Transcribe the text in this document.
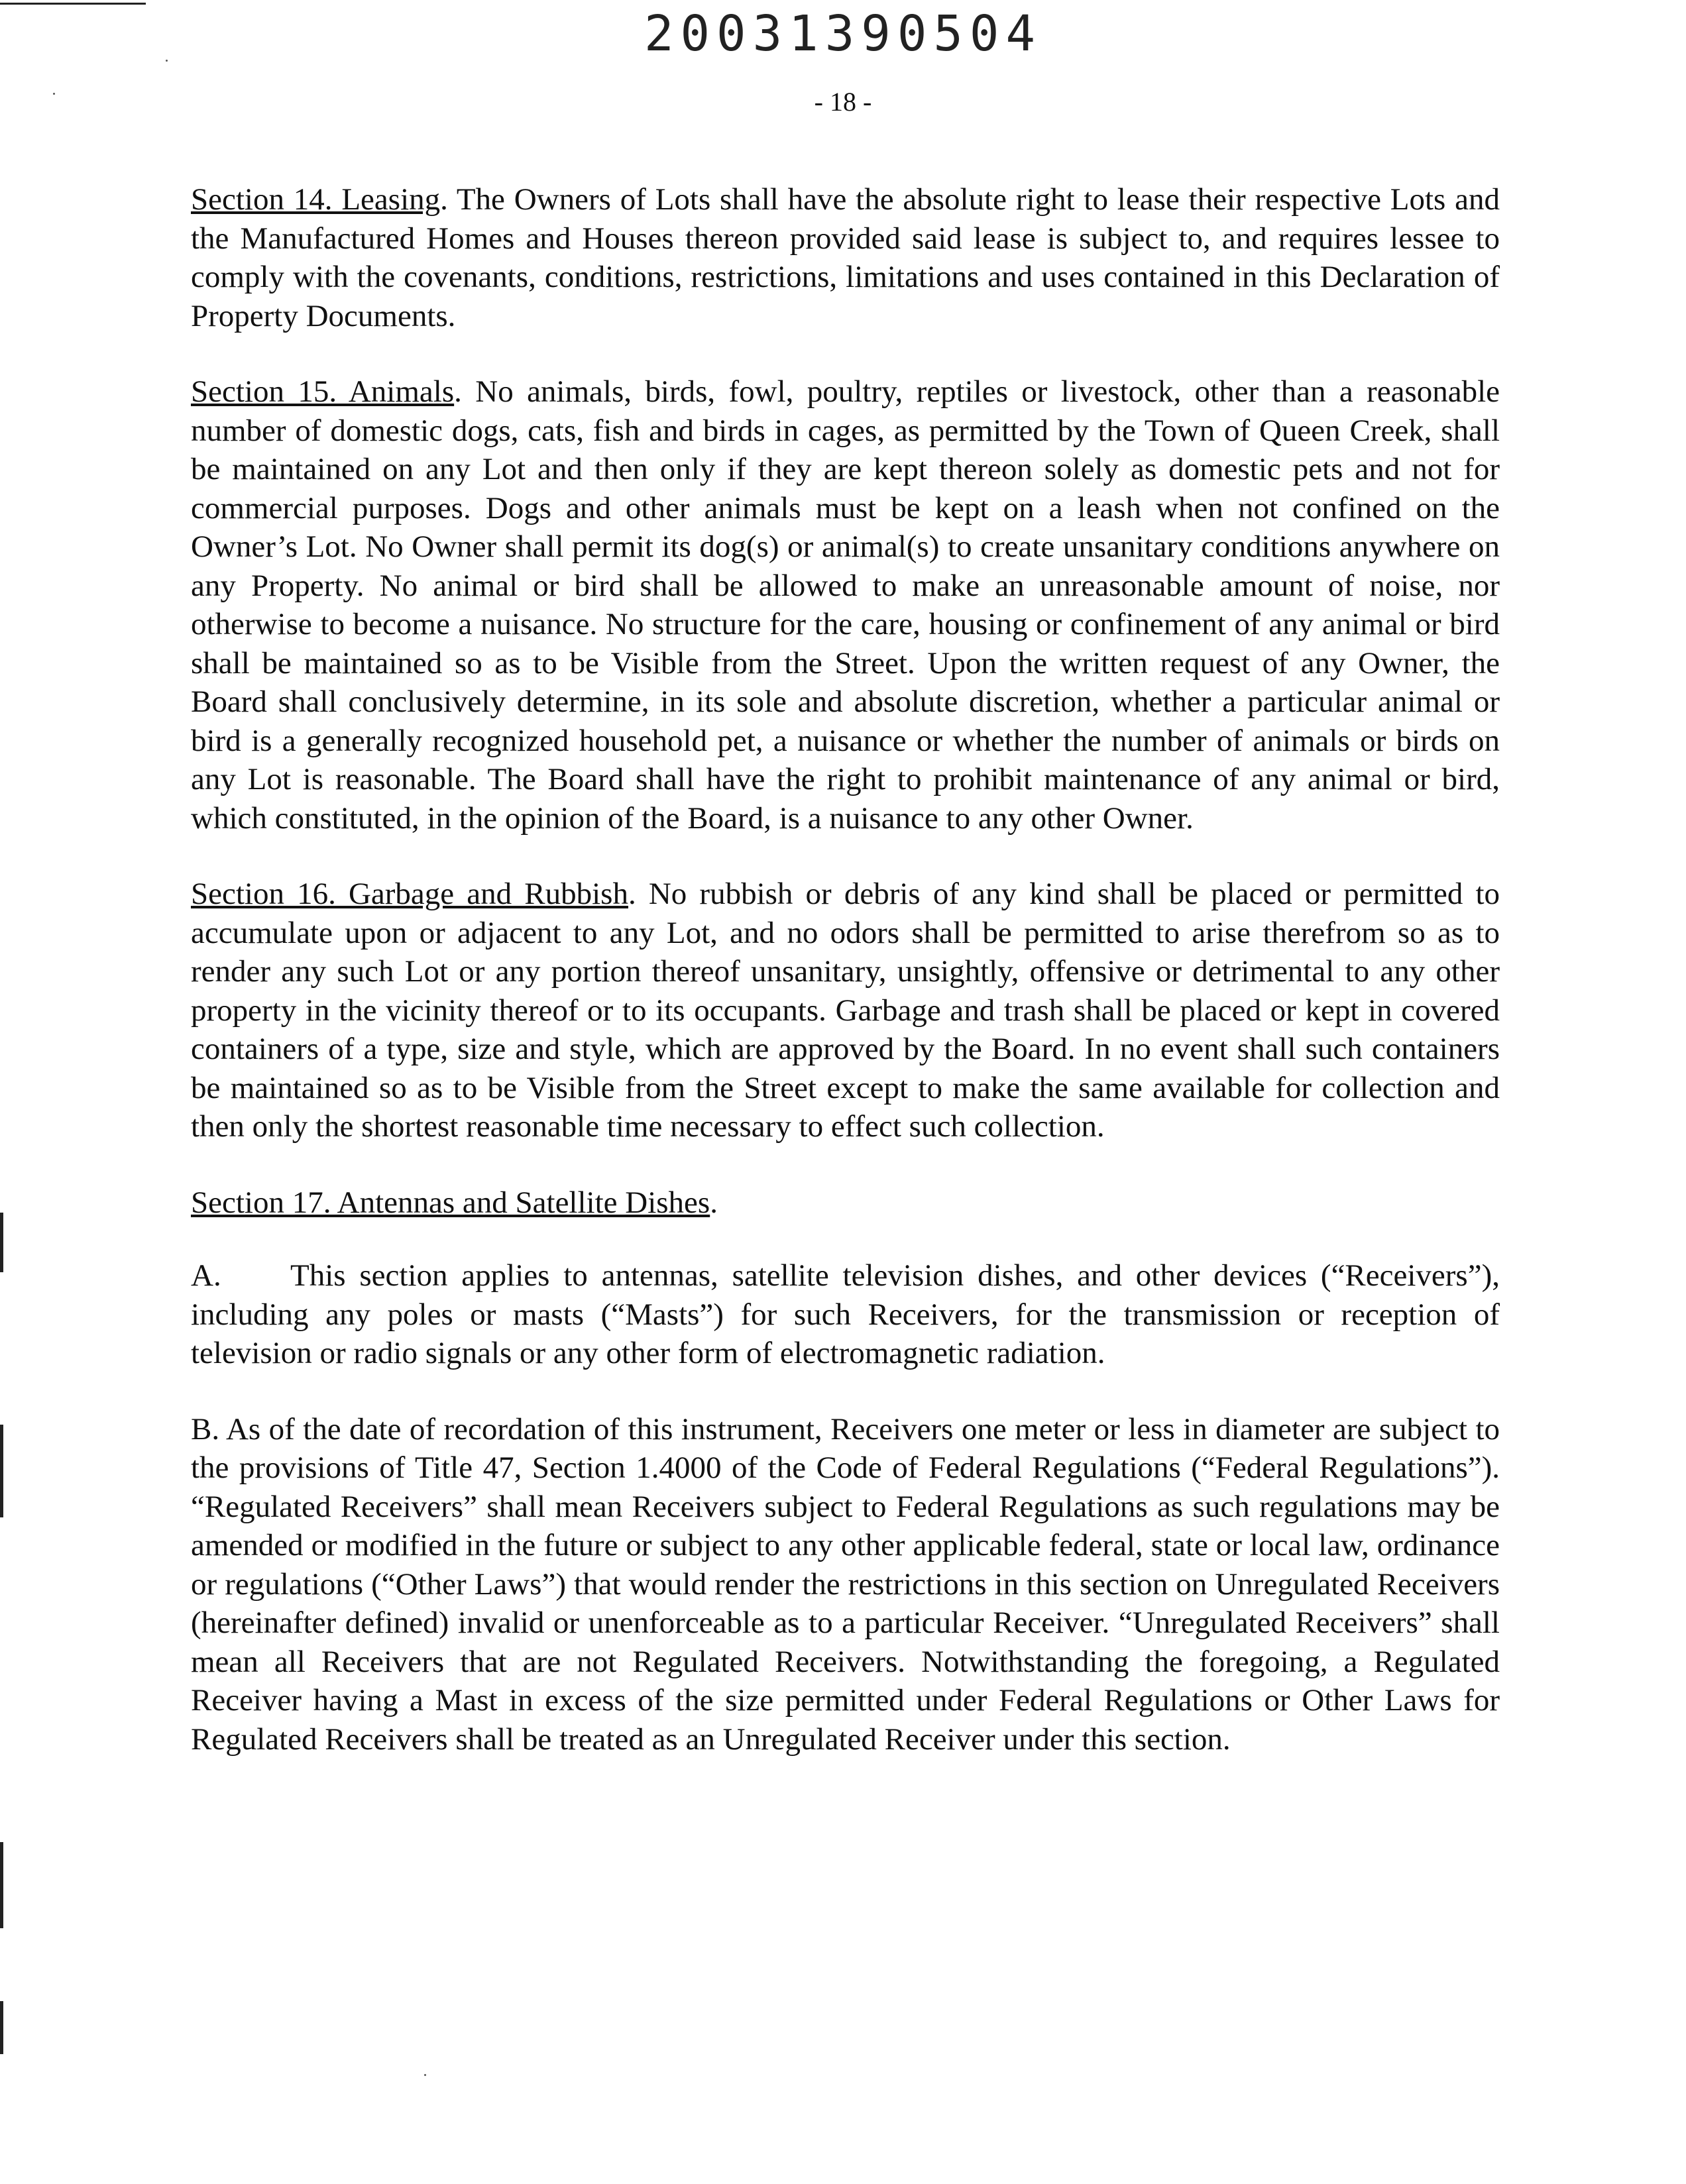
20031390504
- 18 -

Section 14. Leasing. The Owners of Lots shall have the absolute right to lease their respective Lots and the Manufactured Homes and Houses thereon provided said lease is subject to, and requires lessee to comply with the covenants, conditions, restrictions, limitations and uses contained in this Declaration of Property Documents.

Section 15. Animals. No animals, birds, fowl, poultry, reptiles or livestock, other than a reasonable number of domestic dogs, cats, fish and birds in cages, as permitted by the Town of Queen Creek, shall be maintained on any Lot and then only if they are kept thereon solely as domestic pets and not for commercial purposes. Dogs and other animals must be kept on a leash when not confined on the Owner’s Lot. No Owner shall permit its dog(s) or animal(s) to create unsanitary conditions anywhere on any Property. No animal or bird shall be allowed to make an unreasonable amount of noise, nor otherwise to become a nuisance. No structure for the care, housing or confinement of any animal or bird shall be maintained so as to be Visible from the Street. Upon the written request of any Owner, the Board shall conclusively determine, in its sole and absolute discretion, whether a particular animal or bird is a generally recognized household pet, a nuisance or whether the number of animals or birds on any Lot is reasonable. The Board shall have the right to prohibit maintenance of any animal or bird, which constituted, in the opinion of the Board, is a nuisance to any other Owner.

Section 16. Garbage and Rubbish. No rubbish or debris of any kind shall be placed or permitted to accumulate upon or adjacent to any Lot, and no odors shall be permitted to arise therefrom so as to render any such Lot or any portion thereof unsanitary, unsightly, offensive or detrimental to any other property in the vicinity thereof or to its occupants. Garbage and trash shall be placed or kept in covered containers of a type, size and style, which are approved by the Board. In no event shall such containers be maintained so as to be Visible from the Street except to make the same available for collection and then only the shortest reasonable time necessary to effect such collection.

Section 17. Antennas and Satellite Dishes.

A. This section applies to antennas, satellite television dishes, and other devices (“Receivers”), including any poles or masts (“Masts”) for such Receivers, for the transmission or reception of television or radio signals or any other form of electromagnetic radiation.

B. As of the date of recordation of this instrument, Receivers one meter or less in diameter are subject to the provisions of Title 47, Section 1.4000 of the Code of Federal Regulations (“Federal Regulations”). “Regulated Receivers” shall mean Receivers subject to Federal Regulations as such regulations may be amended or modified in the future or subject to any other applicable federal, state or local law, ordinance or regulations (“Other Laws”) that would render the restrictions in this section on Unregulated Receivers (hereinafter defined) invalid or unenforceable as to a particular Receiver. “Unregulated Receivers” shall mean all Receivers that are not Regulated Receivers. Notwithstanding the foregoing, a Regulated Receiver having a Mast in excess of the size permitted under Federal Regulations or Other Laws for Regulated Receivers shall be treated as an Unregulated Receiver under this section.
